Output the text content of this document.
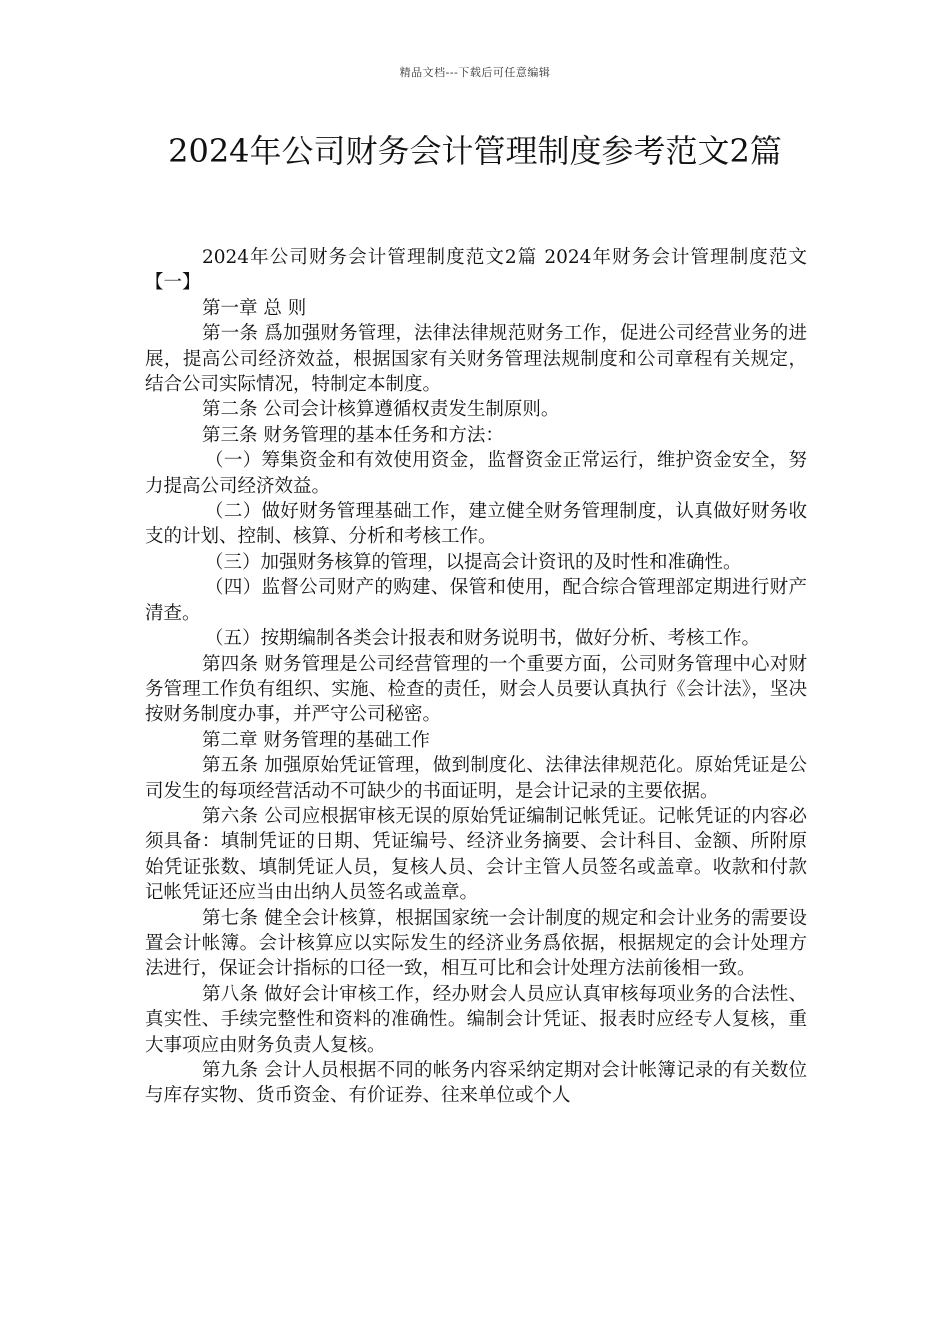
精品文档---下载后可任意编辑
2024年公司财务会计管理制度参考范文2篇

2024年公司财务会计管理制度范文2篇 2024年财务会计管理制度范文【一】

第一章 总 则

第一条 爲加强财务管理，法律法律规范财务工作，促进公司经营业务的进展，提高公司经济效益，根据国家有关财务管理法规制度和公司章程有关规定，结合公司实际情况，特制定本制度。

第二条 公司会计核算遵循权责发生制原则。

第三条 财务管理的基本任务和方法：

（一）筹集资金和有效使用资金，监督资金正常运行，维护资金安全，努力提高公司经济效益。

（二）做好财务管理基础工作，建立健全财务管理制度，认真做好财务收支的计划、控制、核算、分析和考核工作。

（三）加强财务核算的管理，以提高会计资讯的及时性和准确性。

（四）监督公司财产的购建、保管和使用，配合综合管理部定期进行财产清查。

（五）按期编制各类会计报表和财务说明书，做好分析、考核工作。

第四条 财务管理是公司经营管理的一个重要方面，公司财务管理中心对财务管理工作负有组织、实施、检查的责任，财会人员要认真执行《会计法》，坚决按财务制度办事，并严守公司秘密。

第二章 财务管理的基础工作

第五条 加强原始凭证管理，做到制度化、法律法律规范化。原始凭证是公司发生的每项经营活动不可缺少的书面证明，是会计记录的主要依据。

第六条 公司应根据审核无误的原始凭证编制记帐凭证。记帐凭证的内容必须具备：填制凭证的日期、凭证编号、经济业务摘要、会计科目、金额、所附原始凭证张数、填制凭证人员，复核人员、会计主管人员签名或盖章。收款和付款记帐凭证还应当由出纳人员签名或盖章。

第七条 健全会计核算，根据国家统一会计制度的规定和会计业务的需要设置会计帐簿。会计核算应以实际发生的经济业务爲依据，根据规定的会计处理方法进行，保证会计指标的口径一致，相互可比和会计处理方法前後相一致。

第八条 做好会计审核工作，经办财会人员应认真审核每项业务的合法性、真实性、手续完整性和资料的准确性。编制会计凭证、报表时应经专人复核，重大事项应由财务负责人复核。

第九条 会计人员根据不同的帐务内容采纳定期对会计帐簿记录的有关数位与库存实物、货币资金、有价证券、往来单位或个人
